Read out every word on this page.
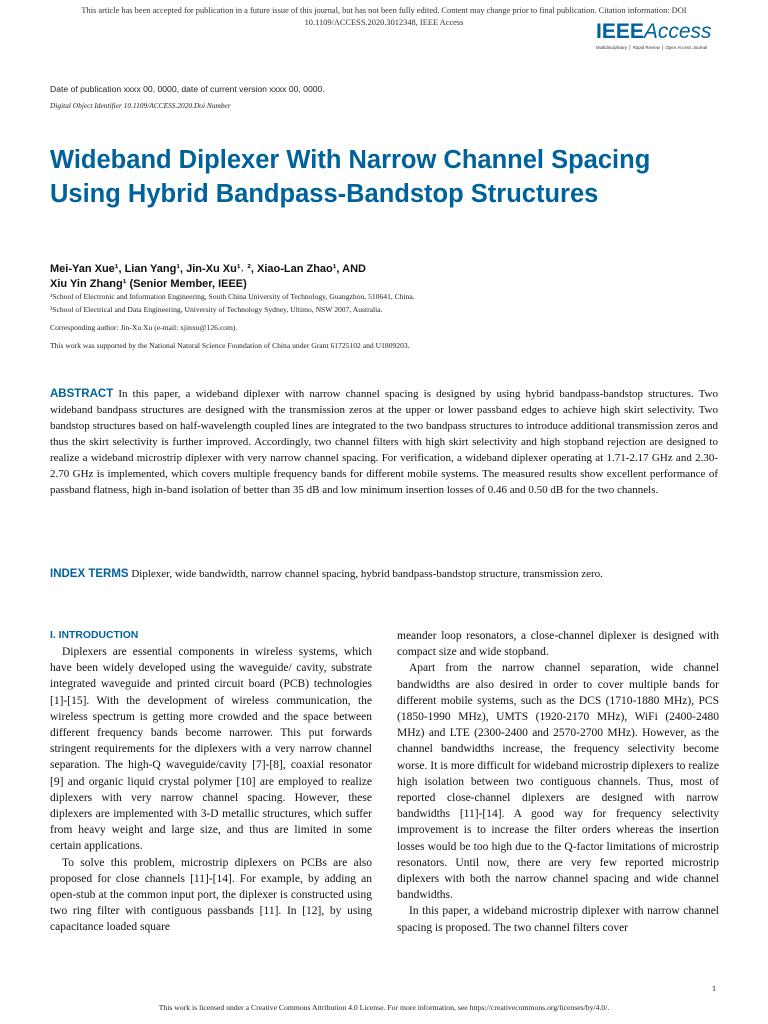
This article has been accepted for publication in a future issue of this journal, but has not been fully edited. Content may change prior to final publication. Citation information: DOI
10.1109/ACCESS.2020.3012348, IEEE Access	IEEEAccess
Multidisciplinary ⎪ Rapid Review ⎪ Open Access Journal
Date of publication xxxx 00, 0000, date of current version xxxx 00, 0000.
Digital Object Identifier 10.1109/ACCESS.2020.Doi Number
Wideband Diplexer With Narrow Channel Spacing Using Hybrid Bandpass-Bandstop Structures
Mei-Yan Xue¹, Lian Yang¹, Jin-Xu Xu¹˒ ², Xiao-Lan Zhao¹, AND
Xiu Yin Zhang¹ (Senior Member, IEEE)
¹School of Electronic and Information Engineering, South China University of Technology, Guangzhou, 510641, China.
²School of Electrical and Data Engineering, University of Technology Sydney, Ultimo, NSW 2007, Australia.
Corresponding author: Jin-Xu Xu (e-mail: xjinxu@126.com).
This work was supported by the National Natural Science Foundation of China under Grant 61725102 and U1809203.
ABSTRACT In this paper, a wideband diplexer with narrow channel spacing is designed by using hybrid bandpass-bandstop structures. Two wideband bandpass structures are designed with the transmission zeros at the upper or lower passband edges to achieve high skirt selectivity. Two bandstop structures based on half-wavelength coupled lines are integrated to the two bandpass structures to introduce additional transmission zeros and thus the skirt selectivity is further improved. Accordingly, two channel filters with high skirt selectivity and high stopband rejection are designed to realize a wideband microstrip diplexer with very narrow channel spacing. For verification, a wideband diplexer operating at 1.71-2.17 GHz and 2.30-2.70 GHz is implemented, which covers multiple frequency bands for different mobile systems. The measured results show excellent performance of passband flatness, high in-band isolation of better than 35 dB and low minimum insertion losses of 0.46 and 0.50 dB for the two channels.
INDEX TERMS Diplexer, wide bandwidth, narrow channel spacing, hybrid bandpass-bandstop structure, transmission zero.
I. INTRODUCTION

Diplexers are essential components in wireless systems, which have been widely developed using the waveguide/ cavity, substrate integrated waveguide and printed circuit board (PCB) technologies [1]-[15]. With the development of wireless communication, the wireless spectrum is getting more crowded and the space between different frequency bands become narrower. This put forwards stringent requirements for the diplexers with a very narrow channel separation. The high-Q waveguide/cavity [7]-[8], coaxial resonator [9] and organic liquid crystal polymer [10] are employed to realize diplexers with very narrow channel spacing. However, these diplexers are implemented with 3-D metallic structures, which suffer from heavy weight and large size, and thus are limited in some certain applications.

To solve this problem, microstrip diplexers on PCBs are also proposed for close channels [11]-[14]. For example, by adding an open-stub at the common input port, the diplexer is constructed using two ring filter with contiguous passbands [11]. In [12], by using capacitance loaded square

meander loop resonators, a close-channel diplexer is designed with compact size and wide stopband.

Apart from the narrow channel separation, wide channel bandwidths are also desired in order to cover multiple bands for different mobile systems, such as the DCS (1710-1880 MHz), PCS (1850-1990 MHz), UMTS (1920-2170 MHz), WiFi (2400-2480 MHz) and LTE (2300-2400 and 2570-2700 MHz). However, as the channel bandwidths increase, the frequency selectivity become worse. It is more difficult for wideband microstrip diplexers to realize high isolation between two contiguous channels. Thus, most of reported close-channel diplexers are designed with narrow bandwidths [11]-[14]. A good way for frequency selectivity improvement is to increase the filter orders whereas the insertion losses would be too high due to the Q-factor limitations of microstrip resonators. Until now, there are very few reported microstrip diplexers with both the narrow channel spacing and wide channel bandwidths.

In this paper, a wideband microstrip diplexer with narrow channel spacing is proposed. The two channel filters cover

1
This work is licensed under a Creative Commons Attribution 4.0 License. For more information, see https://creativecommons.org/licenses/by/4.0/.
